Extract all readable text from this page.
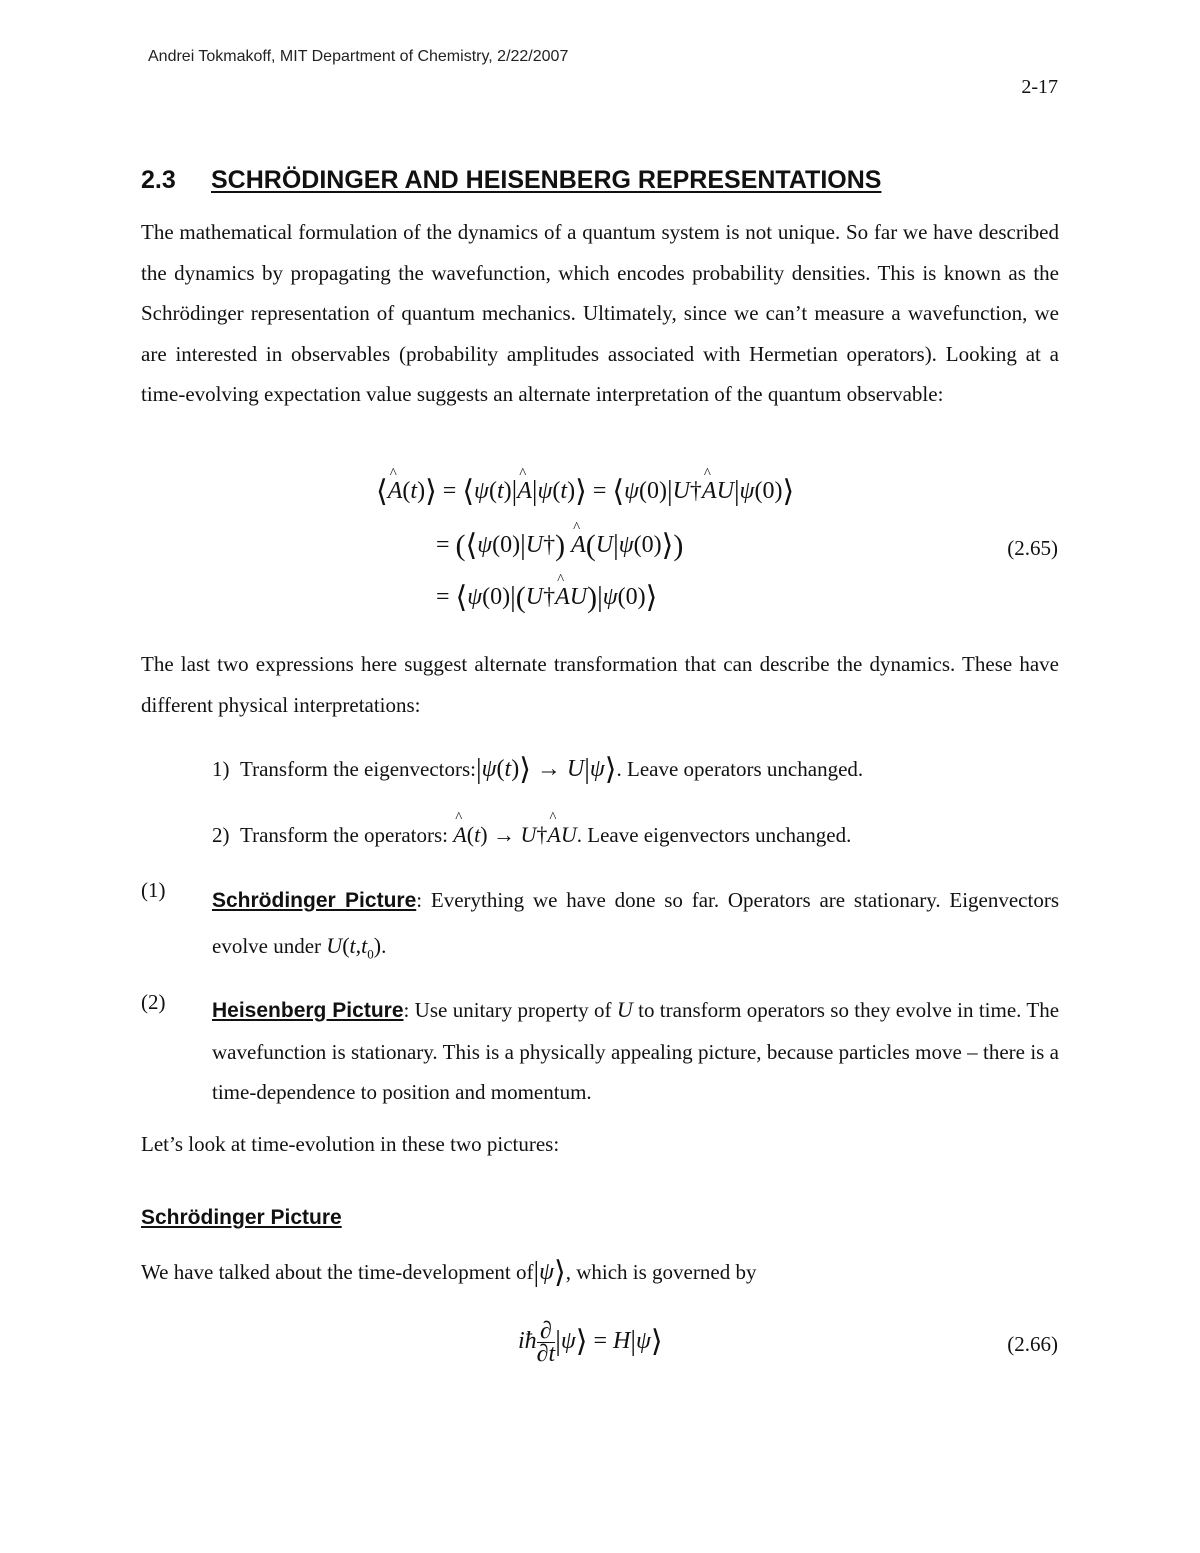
Andrei Tokmakoff, MIT Department of Chemistry, 2/22/2007
2-17
2.3 SCHRÖDINGER AND HEISENBERG REPRESENTATIONS
The mathematical formulation of the dynamics of a quantum system is not unique. So far we have described the dynamics by propagating the wavefunction, which encodes probability densities. This is known as the Schrödinger representation of quantum mechanics. Ultimately, since we can’t measure a wavefunction, we are interested in observables (probability amplitudes associated with Hermetian operators). Looking at a time-evolving expectation value suggests an alternate interpretation of the quantum observable:
⟨^ A(t)⟩ = ⟨ψ(t)|^ A|ψ(t)⟩ = ⟨ψ(0)|U†^ AU|ψ(0)⟩
= (⟨ψ(0)|U†) ^ A(U|ψ(0)⟩)
= ⟨ψ(0)|(U†^ AU)|ψ(0)⟩
(2.65)
The last two expressions here suggest alternate transformation that can describe the dynamics. These have different physical interpretations:
1) Transform the eigenvectors:|ψ(t)⟩ → U|ψ⟩. Leave operators unchanged.
2) Transform the operators: ^ A(t) → U†^ AU. Leave eigenvectors unchanged.
(1) Schrödinger Picture: Everything we have done so far. Operators are stationary. Eigenvectors evolve under $U(t,t_0)$.
(2) Heisenberg Picture: Use unitary property of U to transform operators so they evolve in time. The wavefunction is stationary. This is a physically appealing picture, because particles move – there is a time-dependence to position and momentum.
Let’s look at time-evolution in these two pictures:
Schrödinger Picture
We have talked about the time-development of|ψ⟩, which is governed by
iħ $\frac{\partial}{\partial t}$ |ψ⟩ = H|ψ⟩	(2.66)
